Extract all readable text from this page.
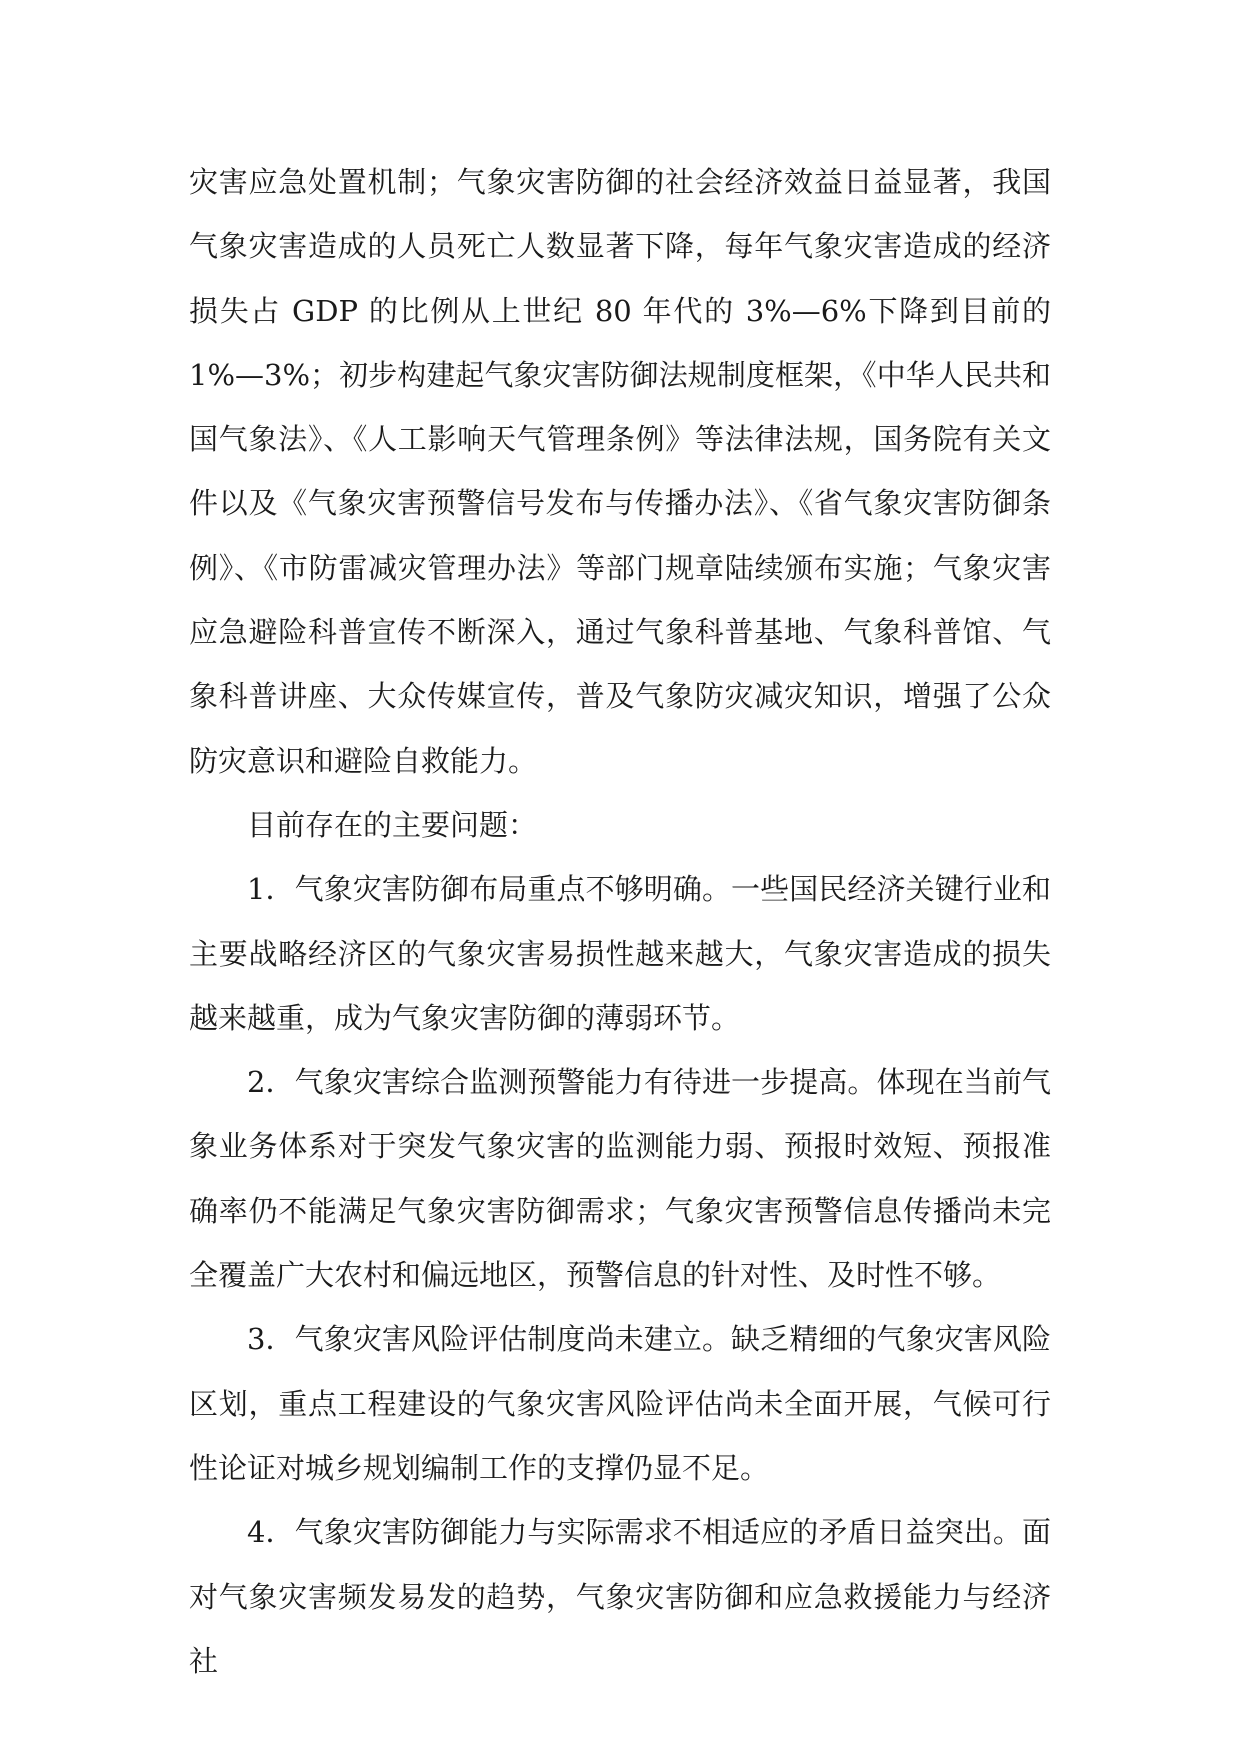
灾害应急处置机制；气象灾害防御的社会经济效益日益显著，我国气象灾害造成的人员死亡人数显著下降，每年气象灾害造成的经济损失占 GDP 的比例从上世纪 80 年代的 3%—6%下降到目前的 1%—3%；初步构建起气象灾害防御法规制度框架，《中华人民共和国气象法》、《人工影响天气管理条例》等法律法规，国务院有关文件以及《气象灾害预警信号发布与传播办法》、《省气象灾害防御条例》、《市防雷减灾管理办法》等部门规章陆续颁布实施；气象灾害应急避险科普宣传不断深入，通过气象科普基地、气象科普馆、气象科普讲座、大众传媒宣传，普及气象防灾减灾知识，增强了公众防灾意识和避险自救能力。

目前存在的主要问题：

1．气象灾害防御布局重点不够明确。一些国民经济关键行业和主要战略经济区的气象灾害易损性越来越大，气象灾害造成的损失越来越重，成为气象灾害防御的薄弱环节。

2．气象灾害综合监测预警能力有待进一步提高。体现在当前气象业务体系对于突发气象灾害的监测能力弱、预报时效短、预报准确率仍不能满足气象灾害防御需求；气象灾害预警信息传播尚未完全覆盖广大农村和偏远地区，预警信息的针对性、及时性不够。

3．气象灾害风险评估制度尚未建立。缺乏精细的气象灾害风险区划，重点工程建设的气象灾害风险评估尚未全面开展，气候可行性论证对城乡规划编制工作的支撑仍显不足。

4．气象灾害防御能力与实际需求不相适应的矛盾日益突出。面对气象灾害频发易发的趋势，气象灾害防御和应急救援能力与经济社
